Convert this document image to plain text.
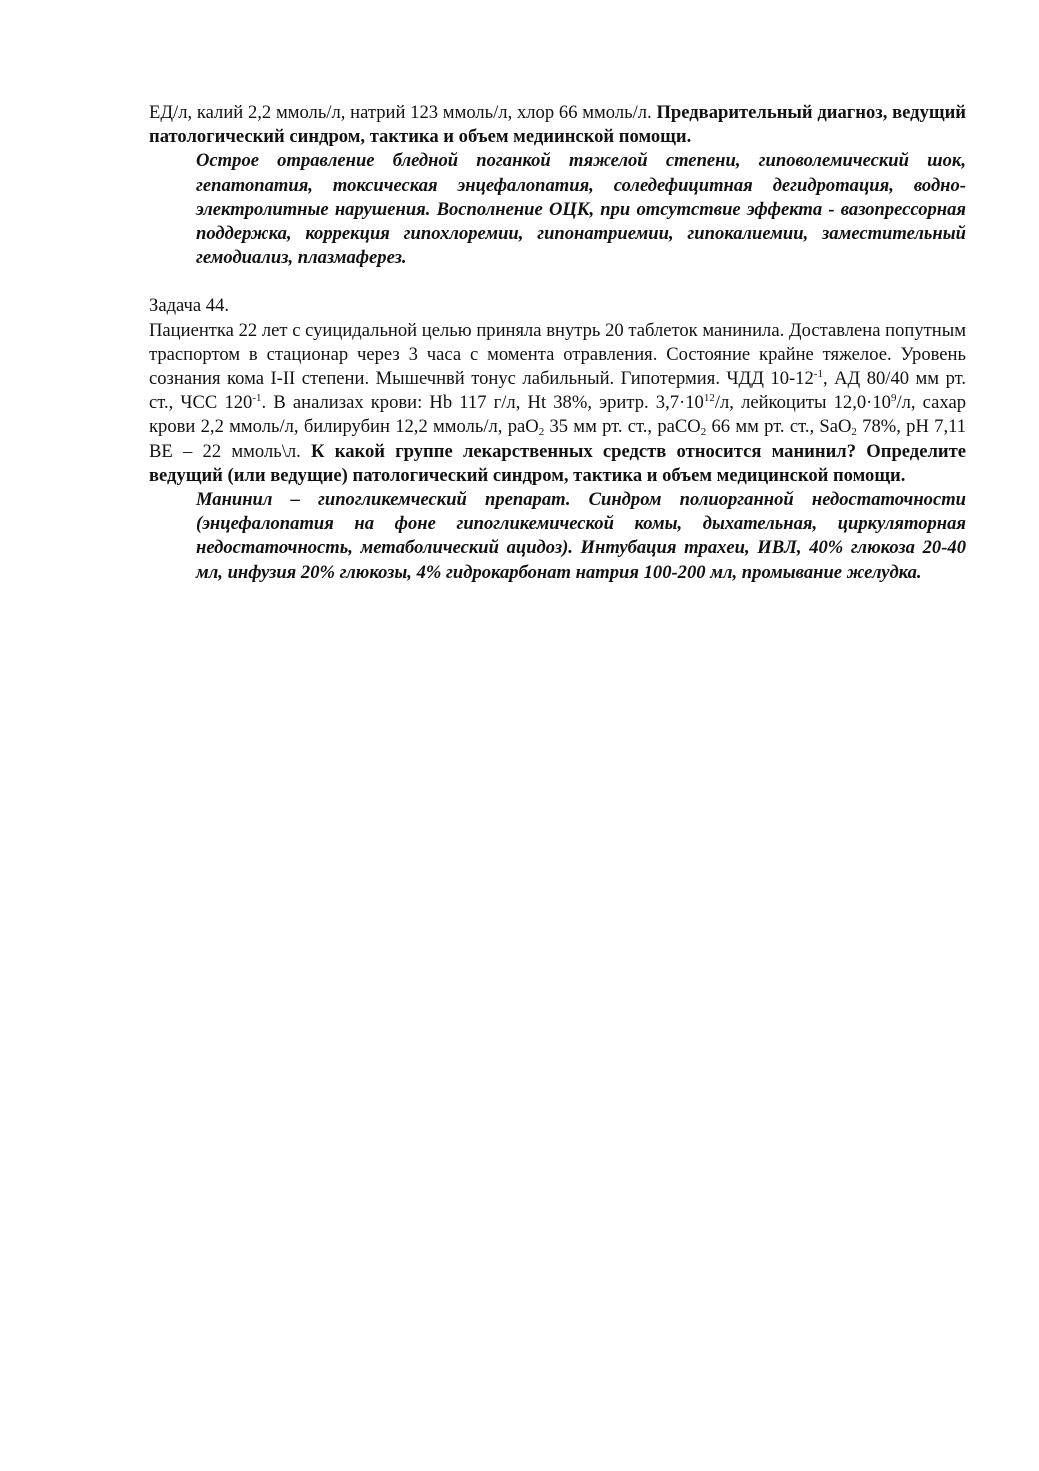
ЕД/л, калий 2,2 ммоль/л, натрий 123 ммоль/л, хлор 66 ммоль/л. Предварительный диагноз, ведущий патологический синдром, тактика и объем медиинской помощи.

Острое отравление бледной поганкой тяжелой степени, гиповолемический шок, гепатопатия, токсическая энцефалопатия, соледефицитная дегидротация, водно-электролитные нарушения. Восполнение ОЦК, при отсутствие эффекта - вазопрессорная поддержка, коррекция гипохлоремии, гипонатриемии, гипокалиемии, заместительный гемодиализ, плазмаферез.

Задача 44.

Пациентка 22 лет с суицидальной целью приняла внутрь 20 таблеток манинила. Доставлена попутным траспортом в стационар через 3 часа с момента отравления. Состояние крайне тяжелое. Уровень сознания кома I-II степени. Мышечнвй тонус лабильный. Гипотермия. ЧДД $10-12^{-1}$, АД 80/40 мм рт. ст., ЧСС $120^{-1}$. В анализах крови: Hb 117 г/л, Ht 38%, эритр. $3,7\cdot 10^{12}/л$, лейкоциты $12,0\cdot 10^9/л$, сахар крови 2,2 ммоль/л, билирубин 12,2 ммоль/л, раО$_2$ 35 мм рт. ст., раСО$_2$ 66 мм рт. ст., SaO$_2$ 78%, рН 7,11 ВЕ – 22 ммоль\л. К какой группе лекарственных средств относится манинил? Определите ведущий (или ведущие) патологический синдром, тактика и объем медицинской помощи.

Манинил – гипогликемческий препарат. Синдром полиорганной недостаточности (энцефалопатия на фоне гипогликемической комы, дыхательная, циркуляторная недостаточность, метаболический ацидоз). Интубация трахеи, ИВЛ, 40% глюкоза 20-40 мл, инфузия 20% глюкозы, 4% гидрокарбонат натрия 100-200 мл, промывание желудка.
